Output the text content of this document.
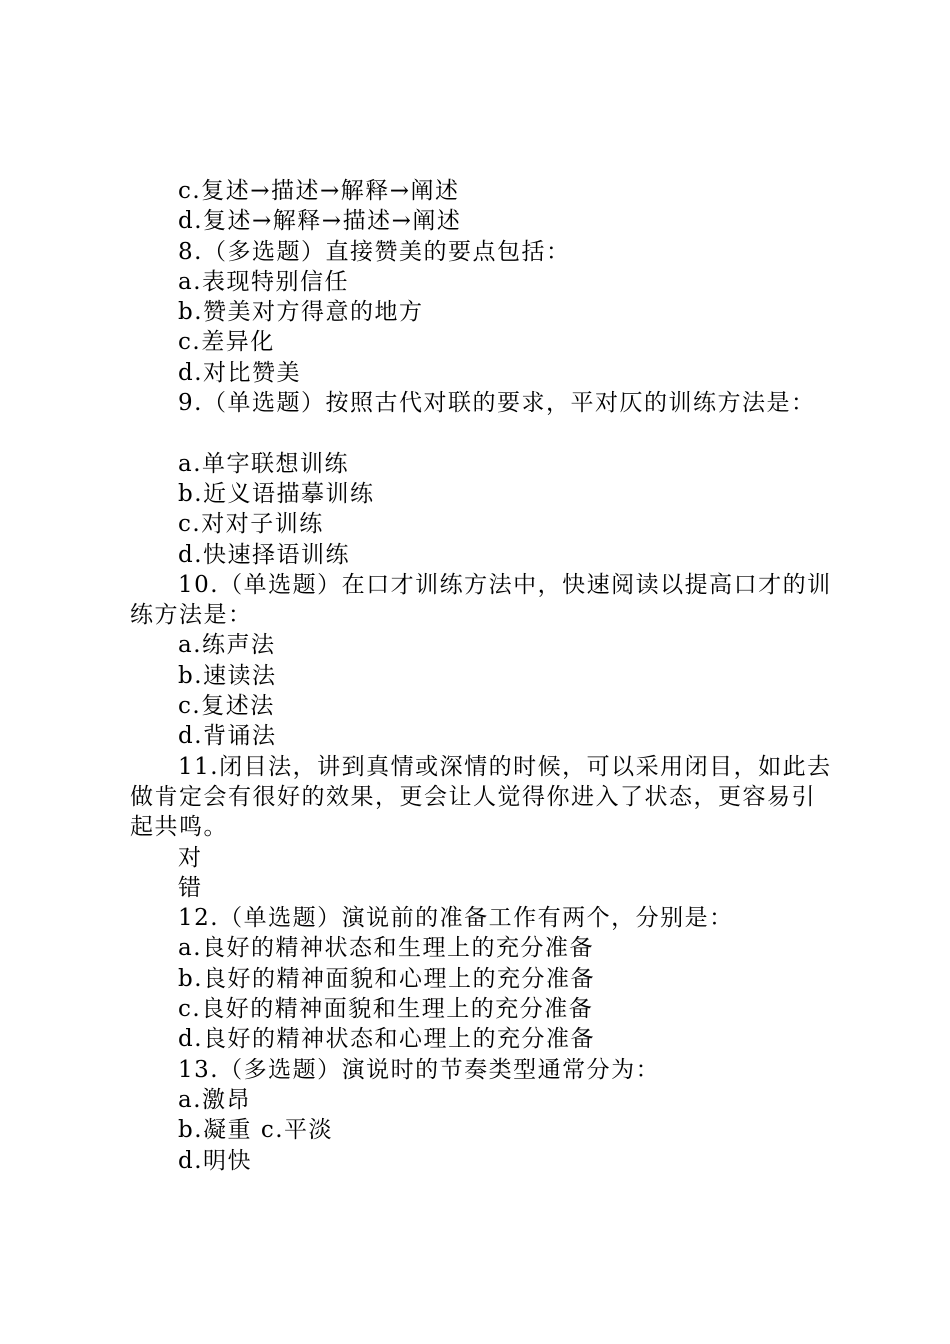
c.复述→描述→解释→阐述
d.复述→解释→描述→阐述
8.（多选题）直接赞美的要点包括：
a.表现特别信任
b.赞美对方得意的地方
c.差异化
d.对比赞美
9.（单选题）按照古代对联的要求，平对仄的训练方法是：
a.单字联想训练
b.近义语描摹训练
c.对对子训练
d.快速择语训练
10.（单选题）在口才训练方法中，快速阅读以提高口才的训练方法是：
a.练声法
b.速读法
c.复述法
d.背诵法
11.闭目法，讲到真情或深情的时候，可以采用闭目，如此去做肯定会有很好的效果，更会让人觉得你进入了状态，更容易引起共鸣。
对
错
12.（单选题）演说前的准备工作有两个，分别是：
a.良好的精神状态和生理上的充分准备
b.良好的精神面貌和心理上的充分准备
c.良好的精神面貌和生理上的充分准备
d.良好的精神状态和心理上的充分准备
13.（多选题）演说时的节奏类型通常分为：
a.激昂
b.凝重 c.平淡
d.明快
